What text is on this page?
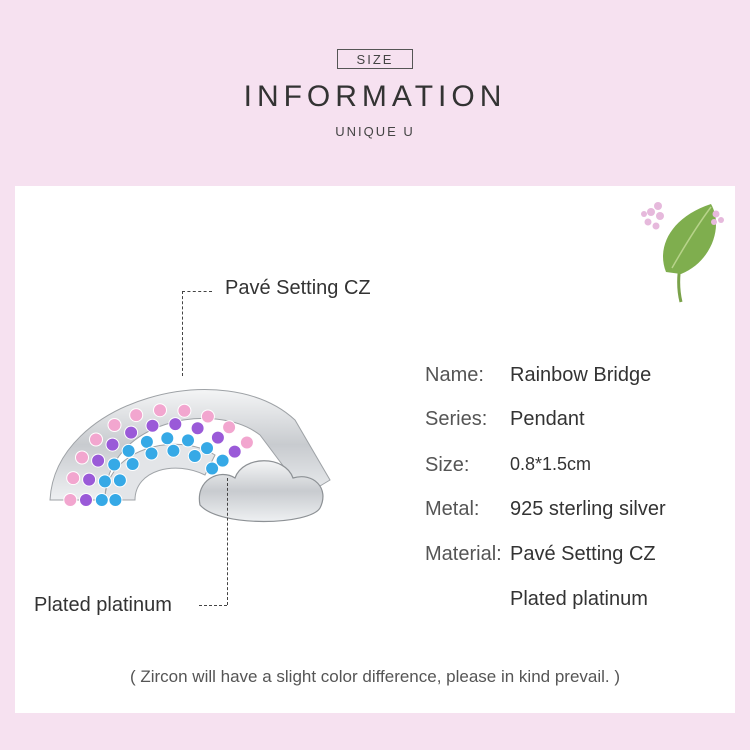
SIZE
INFORMATION
UNIQUE U
Pavé Setting CZ
Plated platinum
Name: Rainbow Bridge
Series: Pendant
Size: 0.8*1.5cm
Metal: 925 sterling silver
Material: Pavé Setting CZ
Plated platinum
( Zircon will have a slight color difference, please in kind prevail. )
